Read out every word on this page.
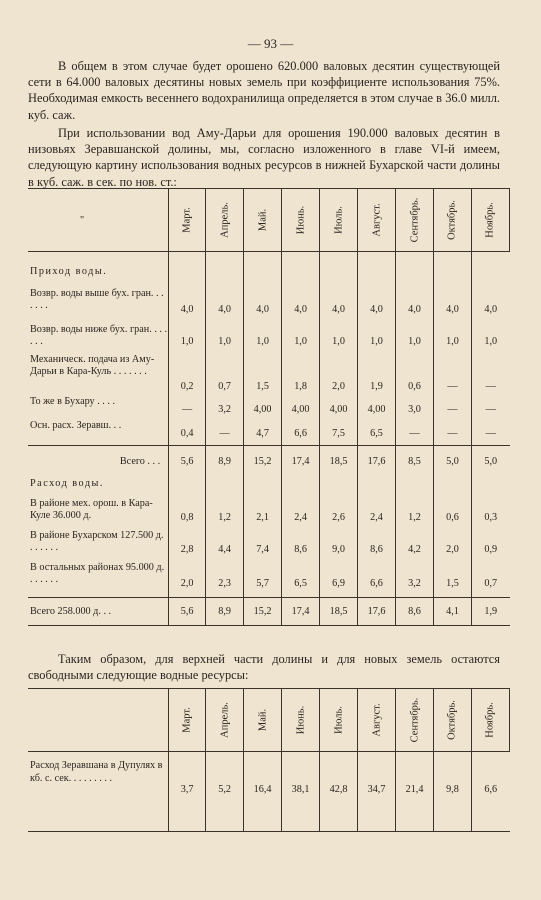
— 93 —

В общем в этом случае будет орошено 620.000 валовых десятин существующей сети в 64.000 валовых десятины новых земель при коэффициенте использования 75%. Необходимая емкость весеннего водохранилища определяется в этом случае в 36.0 милл. куб. саж.

При использовании вод Аму-Дарьи для орошения 190.000 валовых десятин в низовьях Зеравшанской долины, мы, согласно изложенного в главе VI-й имеем, следующую картину использования водных ресурсов в нижней Бухарской части долины в куб. саж. в сек. по нов. ст.:

"	Март.	Апрель.	Май.	Июнь.	Июль.	Август.	Сентябрь.	Октябрь.	Ноябрь.

Приход воды.									
Возвр. воды выше бух. гран. . . . . . .	4,0	4,0	4,0	4,0	4,0	4,0	4,0	4,0	4,0
Возвр. воды ниже бух. гран. . . . . . .	1,0	1,0	1,0	1,0	1,0	1,0	1,0	1,0	1,0
Механическ. подача из Аму-Дарьи в Кара-Куль . . . . . . .	0,2	0,7	1,5	1,8	2,0	1,9	0,6	—	—
То же в Бухару . . . .	—	3,2	4,00	4,00	4,00	4,00	3,0	—	—
Осн. расх. Зеравш. . .	0,4	—	4,7	6,6	7,5	6,5	—	—	—
Всего . . .	5,6	8,9	15,2	17,4	18,5	17,6	8,5	5,0	5,0
Расход воды.									
В районе мех. орош. в Кара-Куле 36.000 д.	0,8	1,2	2,1	2,4	2,6	2,4	1,2	0,6	0,3
В районе Бухарском 127.500 д. . . . . . .	2,8	4,4	7,4	8,6	9,0	8,6	4,2	2,0	0,9
В остальных районах 95.000 д. . . . . . .	2,0	2,3	5,7	6,5	6,9	6,6	3,2	1,5	0,7
Всего 258.000 д. . .	5,6	8,9	15,2	17,4	18,5	17,6	8,6	4,1	1,9

Таким образом, для верхней части долины и для новых земель остаются свободными следующие водные ресурсы:

	Март.	Апрель.	Май.	Июнь.	Июль.	Август.	Сентябрь.	Октябрь.	Ноябрь.

Расход Зеравшана в Дупулях в кб. с. сек. . . . . . . . .	3,7	5,2	16,4	38,1	42,8	34,7	21,4	9,8	6,6
